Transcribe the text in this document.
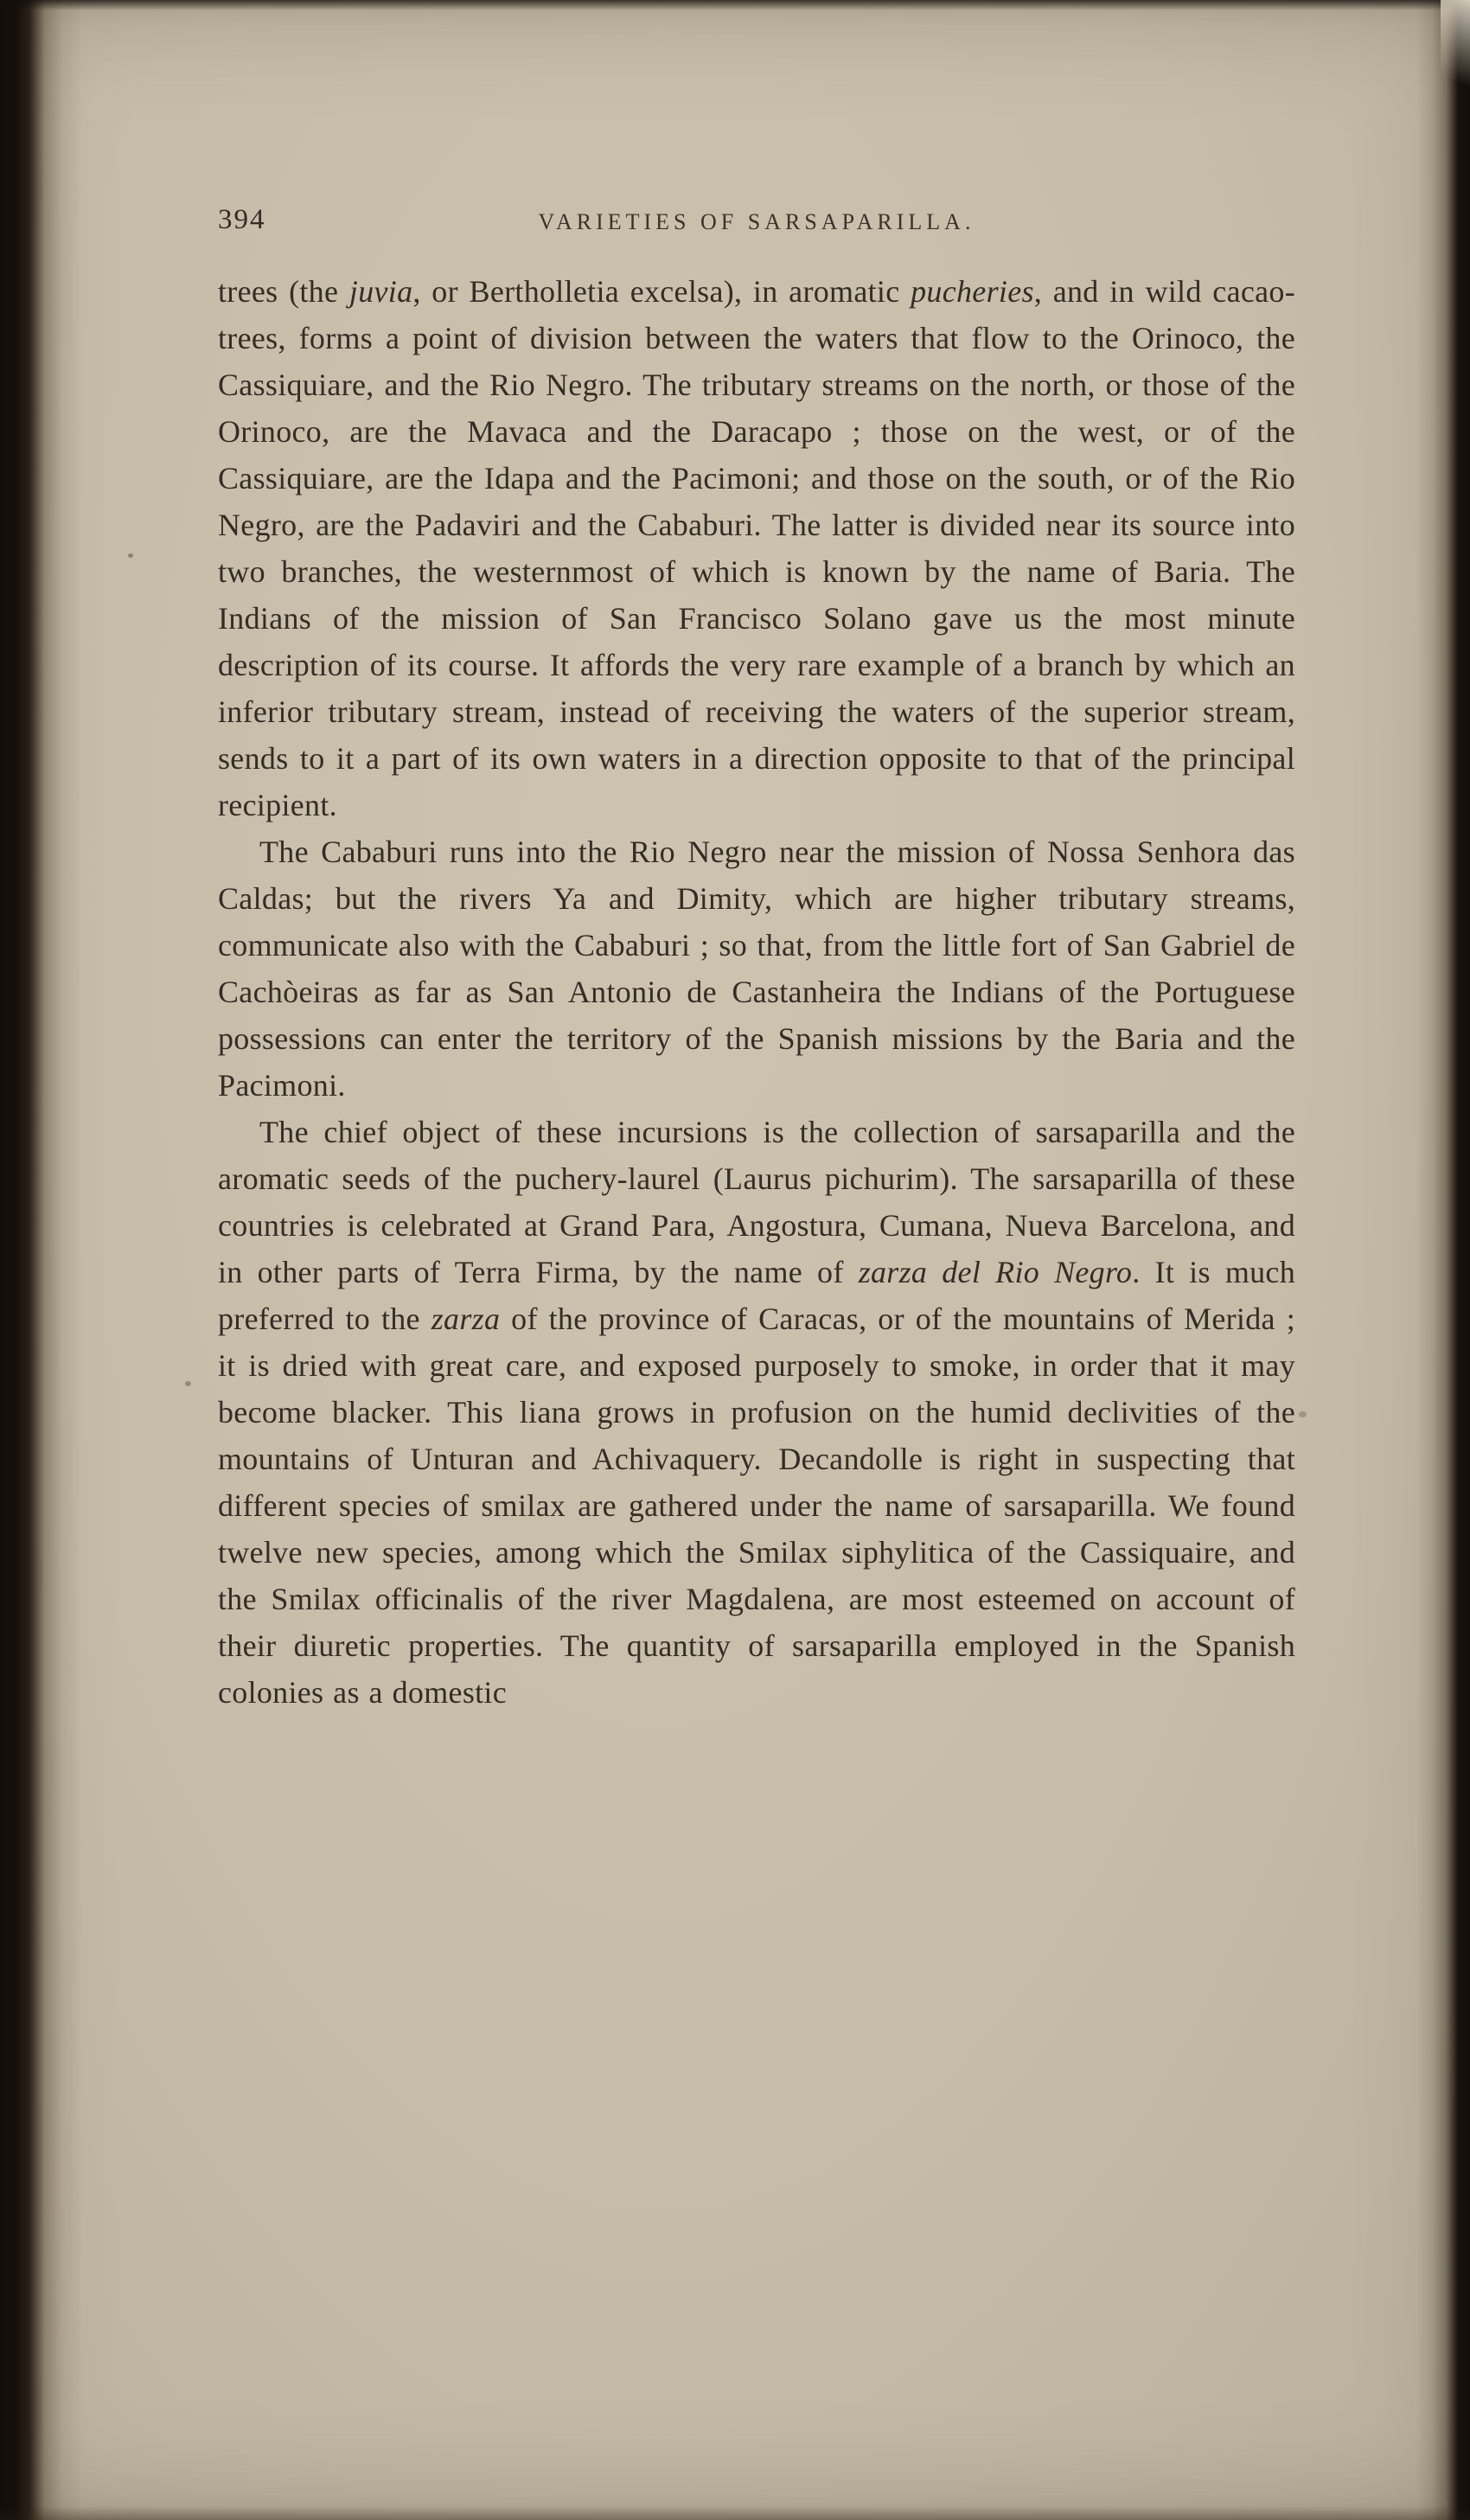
394	VARIETIES OF SARSAPARILLA.

trees (the juvia, or Bertholletia excelsa), in aromatic pucheries, and in wild cacao-trees, forms a point of division between the waters that flow to the Orinoco, the Cassiquiare, and the Rio Negro. The tributary streams on the north, or those of the Orinoco, are the Mavaca and the Daracapo ; those on the west, or of the Cassiquiare, are the Idapa and the Pacimoni; and those on the south, or of the Rio Negro, are the Padaviri and the Cababuri. The latter is divided near its source into two branches, the westernmost of which is known by the name of Baria. The Indians of the mission of San Francisco Solano gave us the most minute description of its course. It affords the very rare example of a branch by which an inferior tributary stream, instead of receiving the waters of the superior stream, sends to it a part of its own waters in a direction opposite to that of the principal recipient.

The Cababuri runs into the Rio Negro near the mission of Nossa Senhora das Caldas; but the rivers Ya and Dimity, which are higher tributary streams, communicate also with the Cababuri ; so that, from the little fort of San Gabriel de Cachòeiras as far as San Antonio de Castanheira the Indians of the Portuguese possessions can enter the territory of the Spanish missions by the Baria and the Pacimoni.

The chief object of these incursions is the collection of sarsaparilla and the aromatic seeds of the puchery-laurel (Laurus pichurim). The sarsaparilla of these countries is celebrated at Grand Para, Angostura, Cumana, Nueva Barcelona, and in other parts of Terra Firma, by the name of zarza del Rio Negro. It is much preferred to the zarza of the province of Caracas, or of the mountains of Merida ; it is dried with great care, and exposed purposely to smoke, in order that it may become blacker. This liana grows in profusion on the humid declivities of the mountains of Unturan and Achivaquery. Decandolle is right in suspecting that different species of smilax are gathered under the name of sarsaparilla. We found twelve new species, among which the Smilax siphylitica of the Cassiquaire, and the Smilax officinalis of the river Magdalena, are most esteemed on account of their diuretic properties. The quantity of sarsaparilla employed in the Spanish colonies as a domestic
